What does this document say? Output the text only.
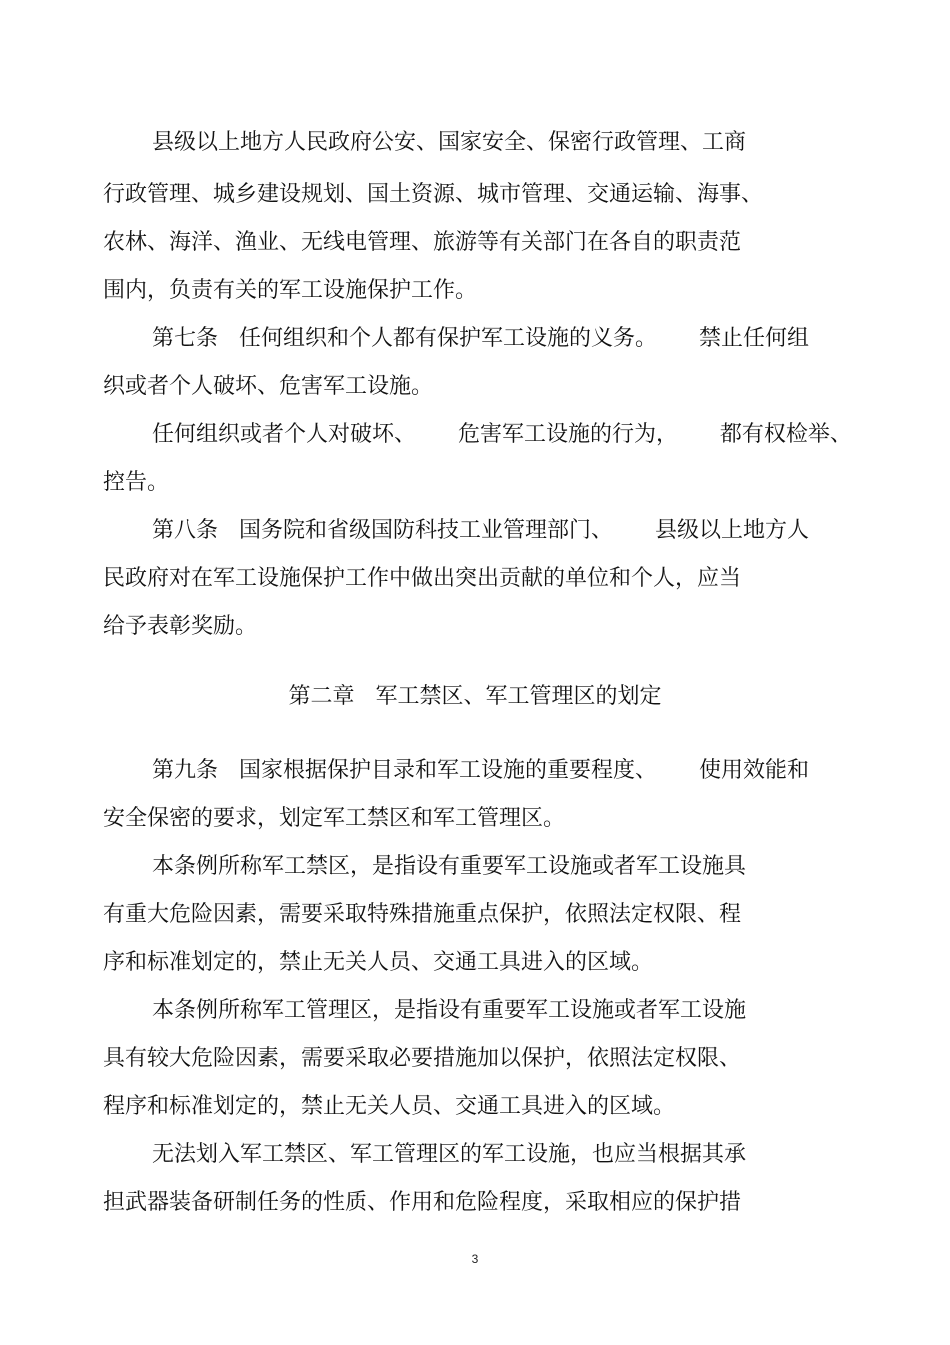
县级以上地方人民政府公安、国家安全、保密行政管理、工商
行政管理、城乡建设规划、国土资源、城市管理、交通运输、海事、
农林、海洋、渔业、无线电管理、旅游等有关部门在各自的职责范
围内，负责有关的军工设施保护工作。
第七条   任何组织和个人都有保护军工设施的义务。      禁止任何组
织或者个人破坏、危害军工设施。
任何组织或者个人对破坏、      危害军工设施的行为，      都有权检举、
控告。
第八条   国务院和省级国防科技工业管理部门、      县级以上地方人
民政府对在军工设施保护工作中做出突出贡献的单位和个人，应当
给予表彰奖励。
第二章   军工禁区、军工管理区的划定
第九条   国家根据保护目录和军工设施的重要程度、      使用效能和
安全保密的要求，划定军工禁区和军工管理区。
本条例所称军工禁区，是指设有重要军工设施或者军工设施具
有重大危险因素，需要采取特殊措施重点保护，依照法定权限、程
序和标准划定的，禁止无关人员、交通工具进入的区域。
本条例所称军工管理区，是指设有重要军工设施或者军工设施
具有较大危险因素，需要采取必要措施加以保护，依照法定权限、
程序和标准划定的，禁止无关人员、交通工具进入的区域。
无法划入军工禁区、军工管理区的军工设施，也应当根据其承
担武器装备研制任务的性质、作用和危险程度，采取相应的保护措
3
